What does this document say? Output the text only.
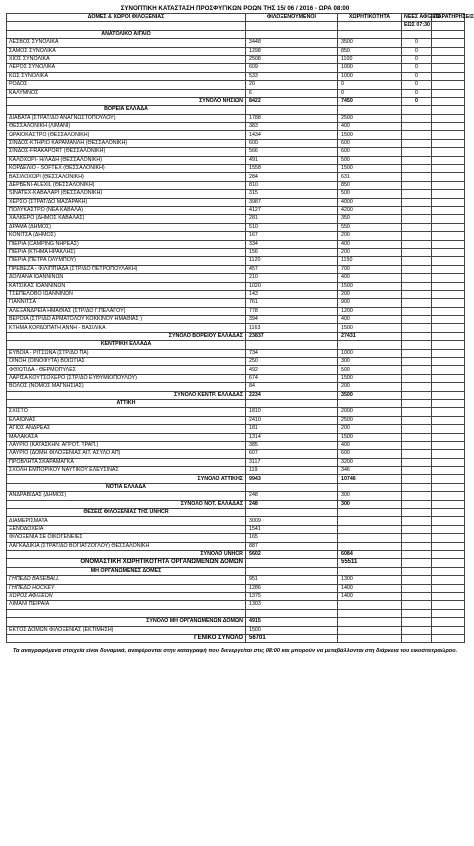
ΣΥΝΟΠΤΙΚΗ ΚΑΤΑΣΤΑΣΗ ΠΡΟΣΦΥΓΙΚΩΝ ΡΟΩΝ ΤΗΣ 15/ 06 / 2016 - ΩΡΑ 08:00
ΔΟΜΕΣ & ΧΩΡΟΙ ΦΙΛΟΞΕΝΙΑΣ	ΦΙΛΟΞΕΝΟΥΜΕΝΟΙ	ΧΩΡΗΤΙΚΟΤΗΤΑ	ΝΕΕΣ ΑΦΙΞΕΙΣ	ΠΑΡΑΤΗΡΗΣΕΙΣ
			ΕΩΣ 07:30	
ΑΝΑΤΟΛΙΚΟ ΑΙΓΑΙΟ				
ΛΕΣΒΟΣ ΣΥΝΟΛΙΚΑ	3448	3500	0	
ΣΑΜΟΣ ΣΥΝΟΛΙΚΑ	1298	850	0	
ΧΙΟΣ ΣΥΝΟΛΙΚΑ	2508	1100	0	
ΛΕΡΟΣ ΣΥΝΟΛΙΚΑ	609	1000	0	
ΚΩΣ ΣΥΝΟΛΙΚΑ	533	1000	0	
ΡΟΔΟΣ	20	0	0	
ΚΑΛΥΜΝΟΣ	6	0	0	
ΣΥΝΟΛΟ ΝΗΣΙΩΝ	8422	7450	0	
ΒΟΡΕΙΑ ΕΛΛΑΔΑ				
ΔΙΑΒΑΤΑ (ΣΤΡΑΤ/ΔΟ ΑΝΑΓΝΩΣΤΟΠΟΥΛΟΥ)	1788	2500		
ΘΕΣΣΑΛΟΝΙΚΗ (ΛΙΜΑΝΙ)	383	400		
ΩΡΑΙΟΚΑΣΤΡΟ (ΘΕΣΣΑΛΟΝΙΚΗ)	1434	1500		
ΣΙΝΔΟΣ-ΚΤΗΡΙΟ ΚΑΡΑΜΑΝΛΗ (ΘΕΣΣΑΛΟΝΙΚΗ)	600	600		
ΣΙΝΔΟΣ-FRAKAPORT (ΘΕΣΣΑΛΟΝΙΚΗ)	566	600		
ΚΑΛΟΧΩΡΙ- Η/ΛΑΔΗ (ΘΕΣΣΑΛΟΝΙΚΗ)	491	500		
ΚΟΡΔΕΛΙΟ - SOFTEX (ΘΕΣΣΑΛΟΝΙΚΗ)	1558	1500		
ΒΑΣΙΛΟΧΩΡΙ (ΘΕΣΣΑΛΟΝΙΚΗ)	284	631		
ΔΕΡΒΕΝΙ-ALEXIL (ΘΕΣΣΑΛΟΝΙΚΗ)	810	850		
SINATEX-ΚΑΒΑΛΑΡΙ (ΘΕΣΣΑΛΟΝΙΚΗ)	315	500		
ΧΕΡΣΟ (ΣΤΡΑΤ/ΔΟ ΜΑΖΑΡΑΚΗ)	3987	4000		
ΠΟΛΥΚΑΣΤΡΟ (ΝΕΑ ΚΑΒΑΛΑ)	4127	4200		
ΧΑΛΚΕΡΟ (ΔΗΜΟΣ ΚΑΒΑΛΑΣ)	281	350		
ΔΡΑΜΑ (ΔΗΜΟΣ)	510	550		
ΚΟΝΙΤΣΑ (ΔΗΜΟΣ)	167	200		
ΠΙΕΡΙΑ (CAMPING ΝΗΡΕΑΣ)	334	400		
ΠΙΕΡΙΑ (ΚΤΗΜΑ ΗΡΑΚΛΗΣ)	156	200		
ΠΙΕΡΙΑ (ΠΕΤΡΑ ΟΛΥΜΠΟΥ)	1120	1150		
ΠΡΕΒΕΖΑ - ΦΙΛΙΠΠΙΑΔΑ (ΣΤΡ/ΔΟ ΠΕΤΡΟΠΟΥΛΑΚΗ)	457	700		
ΔΟΛΙΑΝΑ ΙΩΑΝΝΙΝΩΝ	210	400		
ΚΑΤΣΙΚΑΣ ΙΩΑΝΝΙΝΩΝ	1020	1500		
ΤΣΕΠΕΛΟΒΟ ΙΩΑΝΝΙΝΩΝ	143	200		
ΓΙΑΝΝΙΤΣΑ	761	900		
ΑΛΕΞΑΝΔΡΕΙΑ ΗΜΑΘΙΑΣ (ΣΤΡ/ΔΟ Γ.ΠΕΛΑΓΟΥ)	778	1200		
ΒΕΡΟΙΑ (ΣΤΡ/ΔΟ ΑΡΜΑΤΟΛΟΥ ΚΟΚΚΙΝΟΥ ΗΜΑΘΙΑΣ )	394	400		
ΚΤΗΜΑ ΚΟΡΔΟΠΑΤΗ ΑΝΝΗ - ΒΑΣΙΛΙΚΑ	1163	1500		
ΣΥΝΟΛΟ ΒΟΡΕΙΟΥ ΕΛΛΑΔΑΣ	23837	27431		
ΚΕΝΤΡΙΚΗ ΕΛΛΑΔΑ				
ΕΥΒΟΙΑ - ΡΙΤΣΩΝΑ (ΣΤΡ/ΔΟ ΠΑ)	734	1000		
ΟΙΝΟΗ (ΟΙΝΟΦΥΤΑ) ΒΟΙΩΤΙΑΣ	250	300		
ΦΘΙΩΤΙΔΑ - ΘΕΡΜΟΠΥΛΕΣ	492	500		
ΛΑΡΙΣΑ ΚΟΥΤΣΟΧΕΡΟ (ΣΤΡ/ΔΟ ΕΥΘΥΜΙΟΠΟΥΛΟΥ)	674	1500		
ΒΟΛΟΣ (ΝΟΜΟΣ ΜΑΓΝΗΣΙΑΣ)	84	200		
ΣΥΝΟΛΟ ΚΕΝΤΡ. ΕΛΛΑΔΑΣ	2234	3500		
ΑΤΤΙΚΗ				
ΣΧΙΣΤΟ	1810	2000		
ΕΛΑΙΩΝΑΣ	2410	2500		
ΑΓΙΟΣ ΑΝΔΡΕΑΣ	181	200		
ΜΑΛΑΚΑΣΑ	1314	1500		
ΛΑΥΡΙΟ (ΚΑΤΑΣΚΗΝ. ΑΓΡΟΤ. ΤΡΑΠ.)	385	400		
ΛΑΥΡΙΟ (ΔΟΜΗ ΦΙΛΟΞΕΝΙΑΣ ΑΙΤ. ΑΣΥΛΟ ΑΠ)	607	600		
ΠΡΟΒΛΗΤΑ ΣΚΑΡΑΜΑΓΚΑ	3117	3200		
ΣΧΟΛΗ ΕΜΠΟΡΙΚΟΥ ΝΑΥΤΙΚΟΥ ΕΛΕΥΣΙΝΑΣ	119	346		
ΣΥΝΟΛΟ ΑΤΤΙΚΗΣ	9943	10746		
ΝΟΤΙΑ ΕΛΛΑΔΑ				
ΑΝΔΡΑΒΙΔΑΣ (ΔΗΜΟΣ)	248	300		
ΣΥΝΟΛΟ ΝΟΤ. ΕΛΛΑΔΑΣ	248	300		
ΘΕΣΕΙΣ ΦΙΛΟΞΕΝΙΑΣ ΤΗΣ UNHCR				
ΔΙΑΜΕΡΙΣΜΑΤΑ	3009			
ΞΕΝΟΔΟΧΕΙΑ	1541			
ΦΙΛΟΞΕΝΙΑ ΣΕ ΟΙΚΟΓΕΝΕΙΕΣ	165			
ΛΑΓΚΑΔΙΚΙΑ (ΣΤΡΑΤ/ΔΟ ΒΟΓΙΑΤΖΟΓΛΟΥ) ΘΕΣΣΑΛΟΝΙΚΗ	887			
ΣΥΝΟΛΟ UNHCR	5602	6084		
ΟΝΟΜΑΣΤΙΚΗ ΧΩΡΗΤΙΚΟΤΗΤΑ ΟΡΓΑΝΩΜΕΝΩΝ ΔΟΜΩΝ		55511		
ΜΗ ΟΡΓΑΝΩΜΕΝΕΣ ΔΟΜΕΣ				
ΓΗΠΕΔΟ BASEBALL	951	1300		
ΓΗΠΕΔΟ HOCKEY	1286	1400		
ΧΩΡΟΣ ΑΦΙΞΕΩΝ	1375	1400		
ΛΙΜΑΝΙ ΠΕΙΡΑΙΑ	1303			

ΣΥΝΟΛΟ ΜΗ ΟΡΓΑΝΩΜΕΝΩΝ ΔΟΜΩΝ	4915			
ΕΚΤΟΣ ΔΟΜΩΝ ΦΙΛΟΞΕΝΙΑΣ (ΕΚΤΙΜΗΣΗ)	1500			
ΓΕΝΙΚΟ ΣΥΝΟΛΟ	56701			
Τα αναγραφόμενα στοιχεία είναι δυναμικά, αναφέρονται στην καταγραφή που διενεργείται στις 08:00 και μπορούν να μεταβάλλονται στη διάρκεια του εικοσιτετραώρου.
